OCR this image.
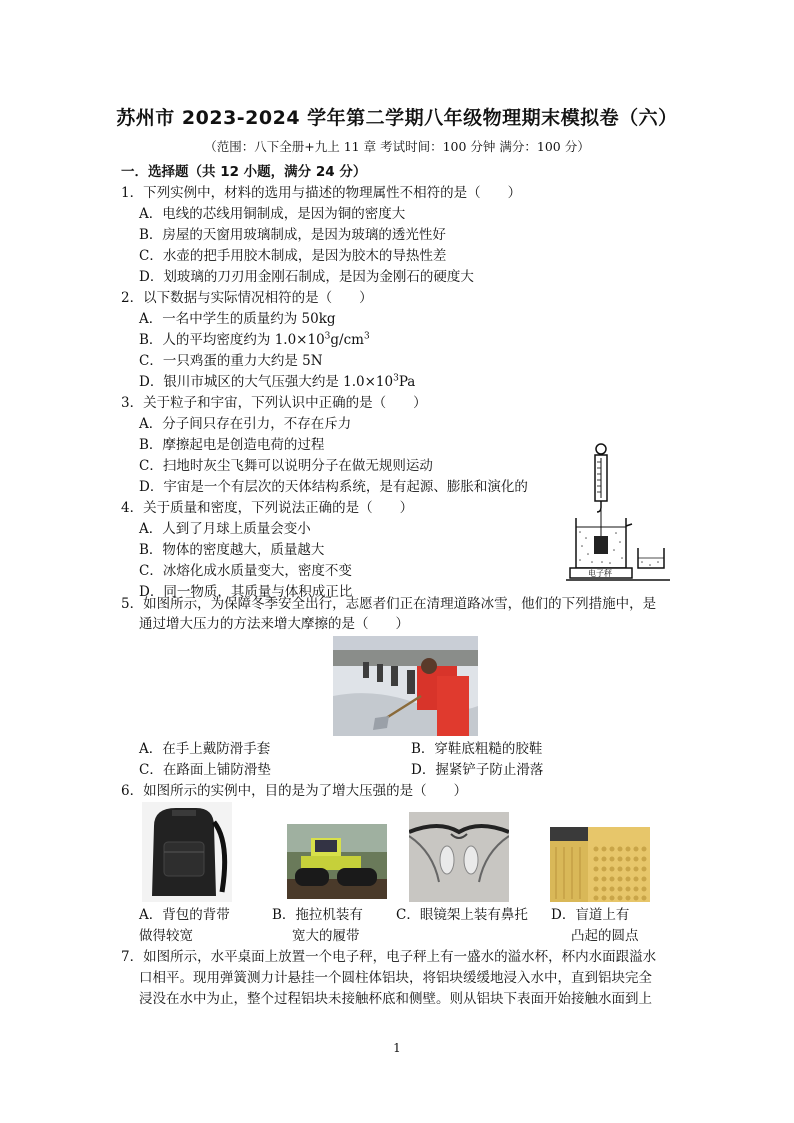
苏州市 2023-2024 学年第二学期八年级物理期末模拟卷（六）
（范围：八下全册+九上 11 章 考试时间：100 分钟 满分：100 分）
一．选择题（共 12 小题，满分 24 分）
1．下列实例中，材料的选用与描述的物理属性不相符的是（　　）
A．电线的芯线用铜制成，是因为铜的密度大
B．房屋的天窗用玻璃制成，是因为玻璃的透光性好
C．水壶的把手用胶木制成，是因为胶木的导热性差
D．划玻璃的刀刃用金刚石制成，是因为金刚石的硬度大
2．以下数据与实际情况相符的是（　　）
A．一名中学生的质量约为 50kg
B．人的平均密度约为 $1.0\times 10^3g/cm^3$
C．一只鸡蛋的重力大约是 5N
D．银川市城区的大气压强大约是 $1.0\times 10^3Pa$
3．关于粒子和宇宙，下列认识中正确的是（　　）
A．分子间只存在引力，不存在斥力
B．摩擦起电是创造电荷的过程
C．扫地时灰尘飞舞可以说明分子在做无规则运动
D．宇宙是一个有层次的天体结构系统，是有起源、膨胀和演化的
4．关于质量和密度，下列说法正确的是（　　）
A．人到了月球上质量会变小
B．物体的密度越大，质量越大
C．冰熔化成水质量变大，密度不变
D．同一物质，其质量与体积成正比
电子秤
5．如图所示，为保障冬季安全出行，志愿者们正在清理道路冰雪，他们的下列措施中，是
通过增大压力的方法来增大摩擦的是（　　）
A．在手上戴防滑手套	B．穿鞋底粗糙的胶鞋
C．在路面上铺防滑垫	D．握紧铲子防止滑落
6．如图所示的实例中，目的是为了增大压强的是（　　）
A．背包的背带
做得较宽
B．拖拉机装有
宽大的履带
C．眼镜架上装有鼻托 D．盲道上有
凸起的圆点
7．如图所示，水平桌面上放置一个电子秤，电子秤上有一盛水的溢水杯，杯内水面跟溢水
口相平。现用弹簧测力计悬挂一个圆柱体铝块，将铝块缓缓地浸入水中，直到铝块完全
浸没在水中为止，整个过程铝块未接触杯底和侧壁。则从铝块下表面开始接触水面到上
1
